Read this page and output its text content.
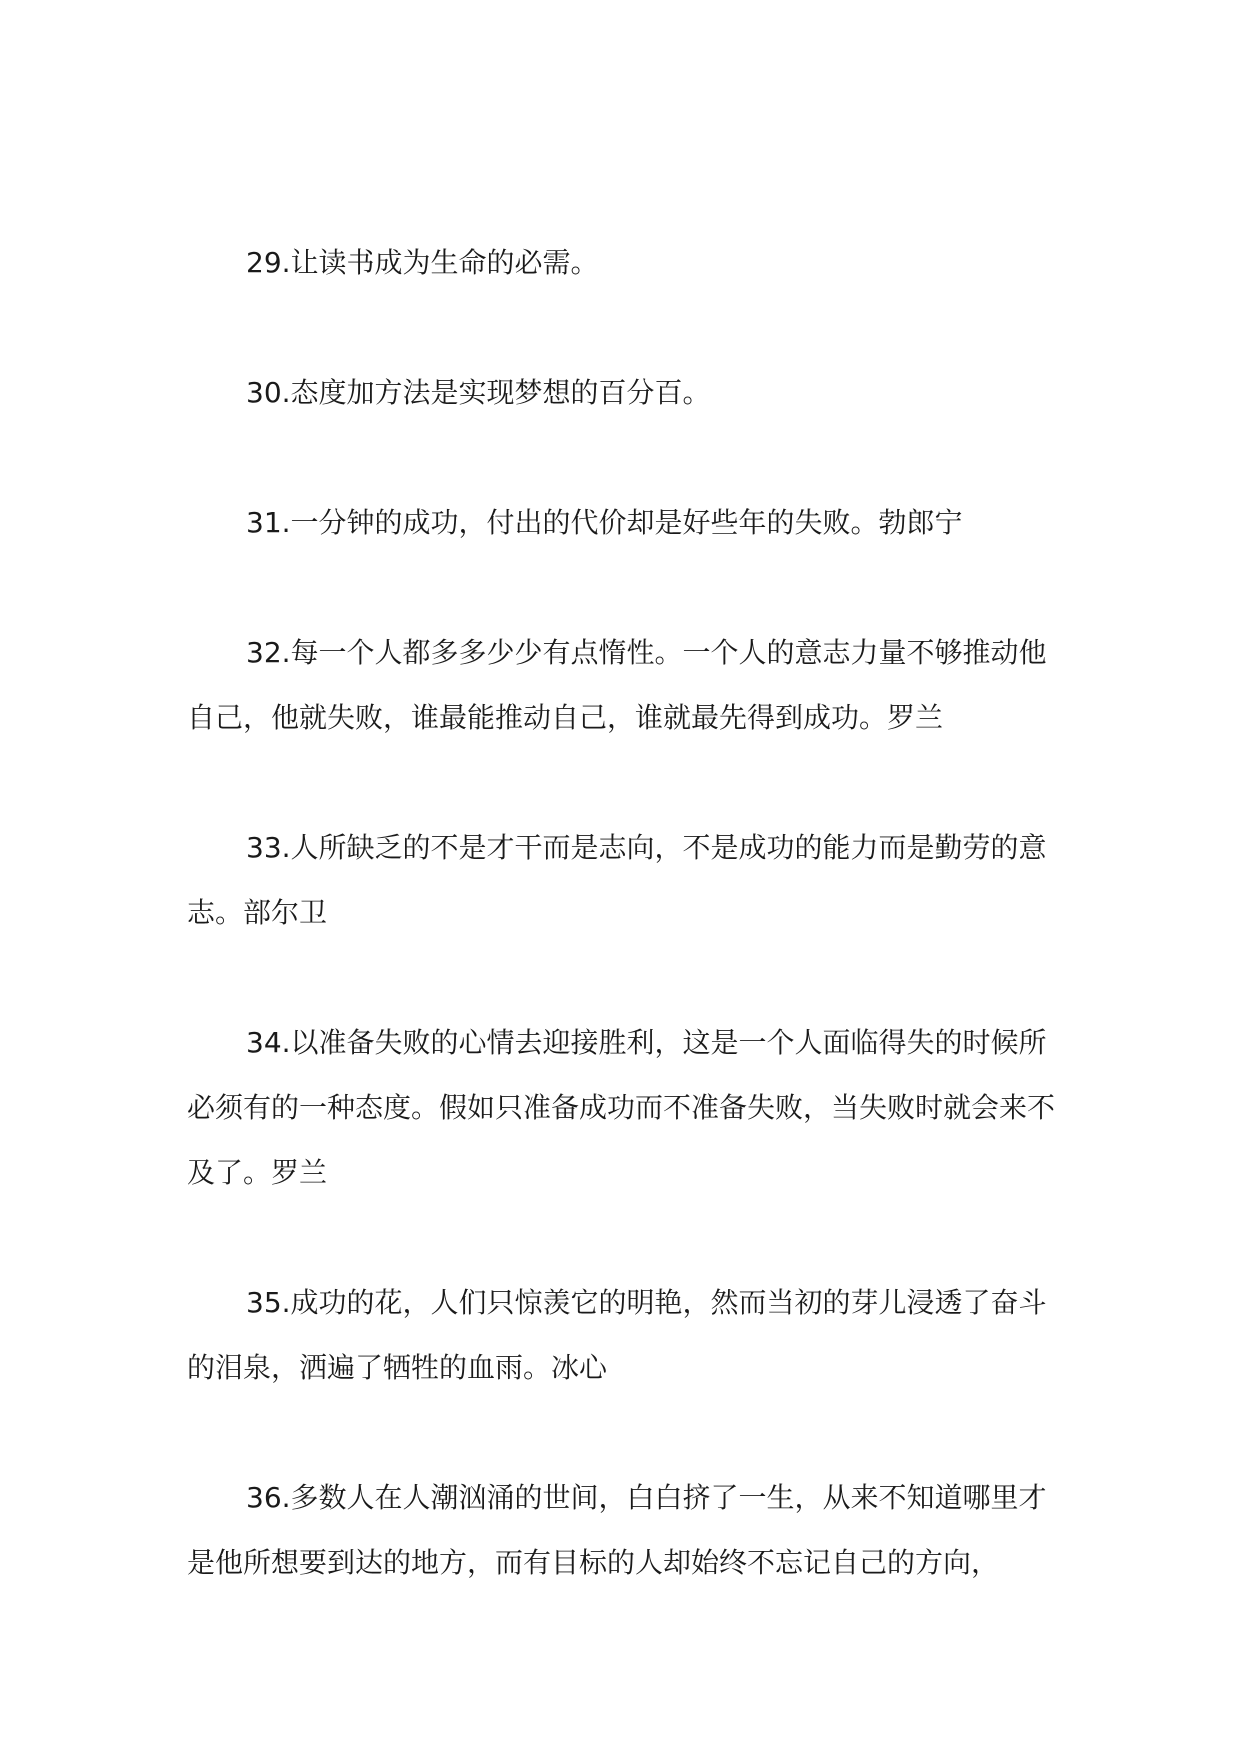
29.让读书成为生命的必需。

30.态度加方法是实现梦想的百分百。

31.一分钟的成功，付出的代价却是好些年的失败。勃郎宁

32.每一个人都多多少少有点惰性。一个人的意志力量不够推动他自己，他就失败，谁最能推动自己，谁就最先得到成功。罗兰

33.人所缺乏的不是才干而是志向，不是成功的能力而是勤劳的意志。部尔卫

34.以准备失败的心情去迎接胜利，这是一个人面临得失的时候所必须有的一种态度。假如只准备成功而不准备失败，当失败时就会来不及了。罗兰

35.成功的花，人们只惊羡它的明艳，然而当初的芽儿浸透了奋斗的泪泉，洒遍了牺牲的血雨。冰心

36.多数人在人潮汹涌的世间，白白挤了一生，从来不知道哪里才是他所想要到达的地方，而有目标的人却始终不忘记自己的方向，
